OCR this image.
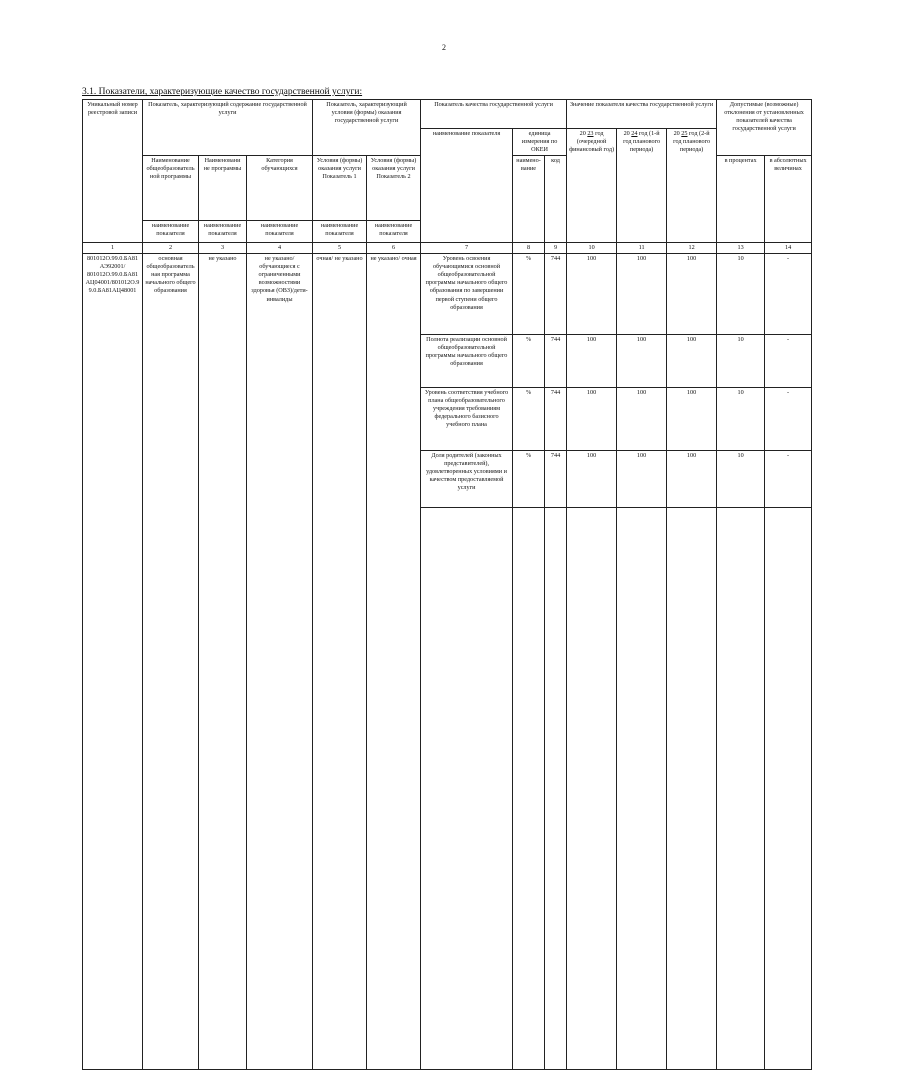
2
3.1. Показатели, характеризующие качество государственной услуги:
Уникальный номер реестровой записи	Показатель, характеризующий содержание государственной услуги			Показатель, характеризующий условия (формы) оказания государственной услуги		Показатель качества государственной услуги			Значение показателя качества государственной услуги			Допустимые (возможные) отклонения от установленных показателей качества государственной услуги	
						наименование показателя	единица измерения по ОКЕИ		20 23 год (очередной финансовый год)	20 24 год (1-й год планового периода)	20 25 год (2-й год планового периода)		
	Наименование общеобразовательной программы	Наименовани не программы	Категория обучающихся	Условия (формы) оказания услуги Показатель 1	Условия (формы) оказания услуги Показатель 2		наимено-вание	код				в процентах	в абсолютных величинах
	наименование показателя	наименование показателя	наименование показателя	наименование показателя	наименование показателя								
1	2	3	4	5	6	7	8	9	10	11	12	13	14
801012О.99.0.БА81АЭ92001/ 801012О.99.0.БА81АЦ04001/801012О.99.0.БА81АЦ48001	основная общеобразовательная программа начального общего образования	не указано	не указано/ обучающиеся с ограниченными возможностями здоровья (ОВЗ)/дети-инвалиды	очная/ не указано	не указано/ очная	Уровень освоения обучающимися основной общеобразовательной программы начального общего образования по завершении первой ступени общего образования	%	744	100	100	100	10	-
						Полнота реализации основной общеобразовательной программы начального общего образования	%	744	100	100	100	10	-
						Уровень соответствия учебного плана общеобразовательного учреждения требованиям федерального базисного учебного плана	%	744	100	100	100	10	-
						Доля родителей (законных представителей), удовлетворенных условиями и качеством предоставляемой услуги	%	744	100	100	100	10	-
